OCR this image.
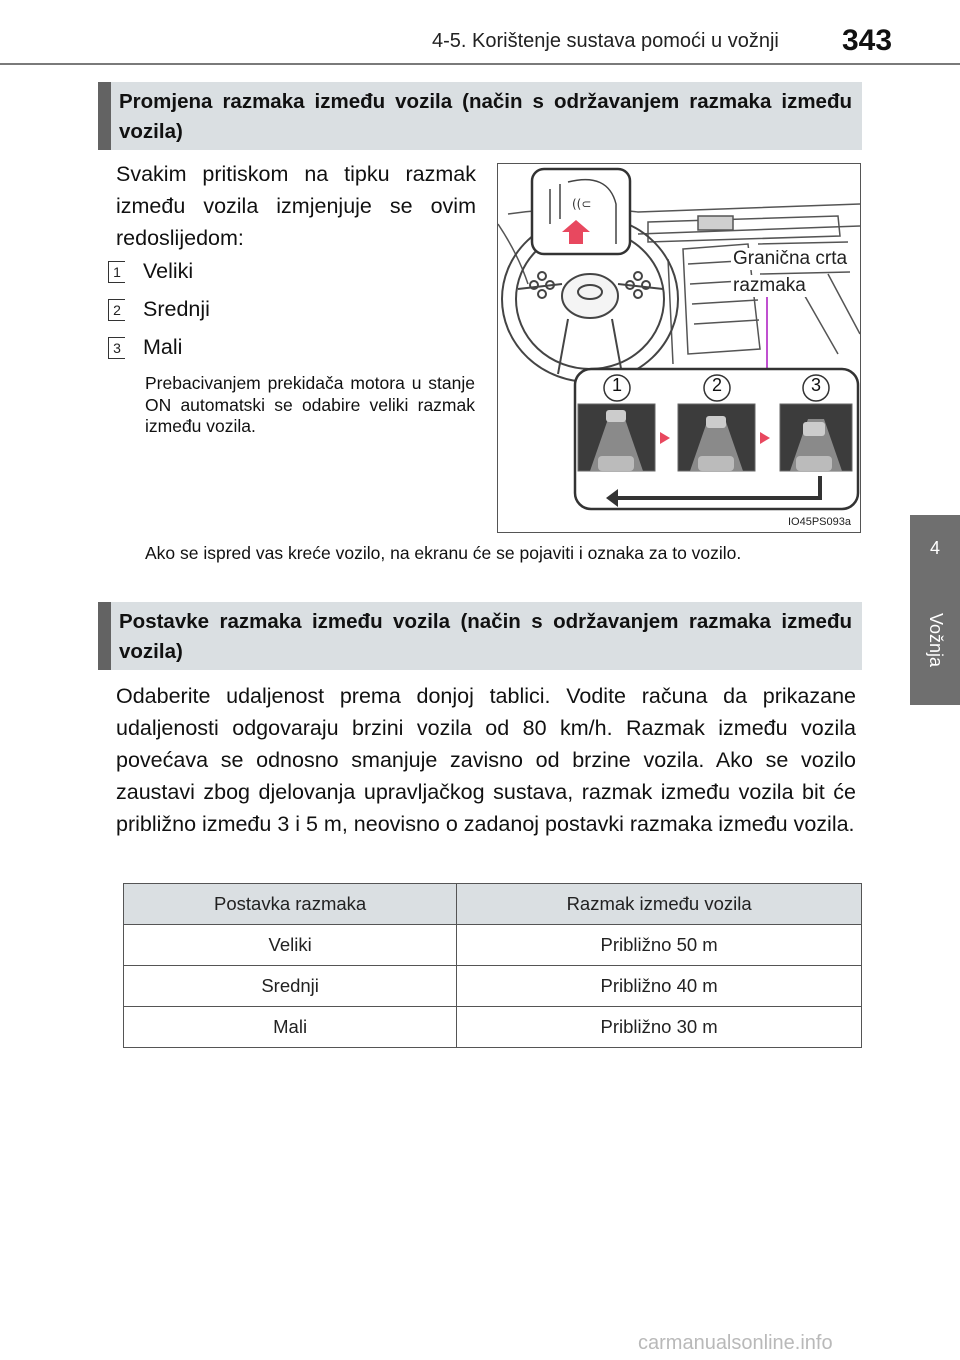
4-5. Korištenje sustava pomoći u vožnji 343
4
Vožnja
Promjena razmaka između vozila (način s održavanjem razmaka između vozila)
Svakim pritiskom na tipku razmak između vozila izmjenjuje se ovim redoslijedom:
1 Veliki
2 Srednji
3 Mali
Prebacivanjem prekidača motora u stanje ON automatski se odabire veliki razmak između vozila.
((⊂
1	2	3
Granična crta
razmaka
IO45PS093a
Ako se ispred vas kreće vozilo, na ekranu će se pojaviti i oznaka za to vozilo.
Postavke razmaka između vozila (način s održavanjem razmaka između vozila)
Odaberite udaljenost prema donjoj tablici. Vodite računa da prikazane udaljenosti odgovaraju brzini vozila od 80 km/h. Razmak između vozila povećava se odnosno smanjuje zavisno od brzine vozila. Ako se vozilo zaustavi zbog djelovanja upravljačkog sustava, razmak između vozila bit će približno između 3 i 5 m, neovisno o zadanoj postavki razmaka između vozila.
Postavka razmaka	Razmak između vozila
Veliki	Približno 50 m
Srednji	Približno 40 m
Mali	Približno 30 m
carmanualsonline.info
